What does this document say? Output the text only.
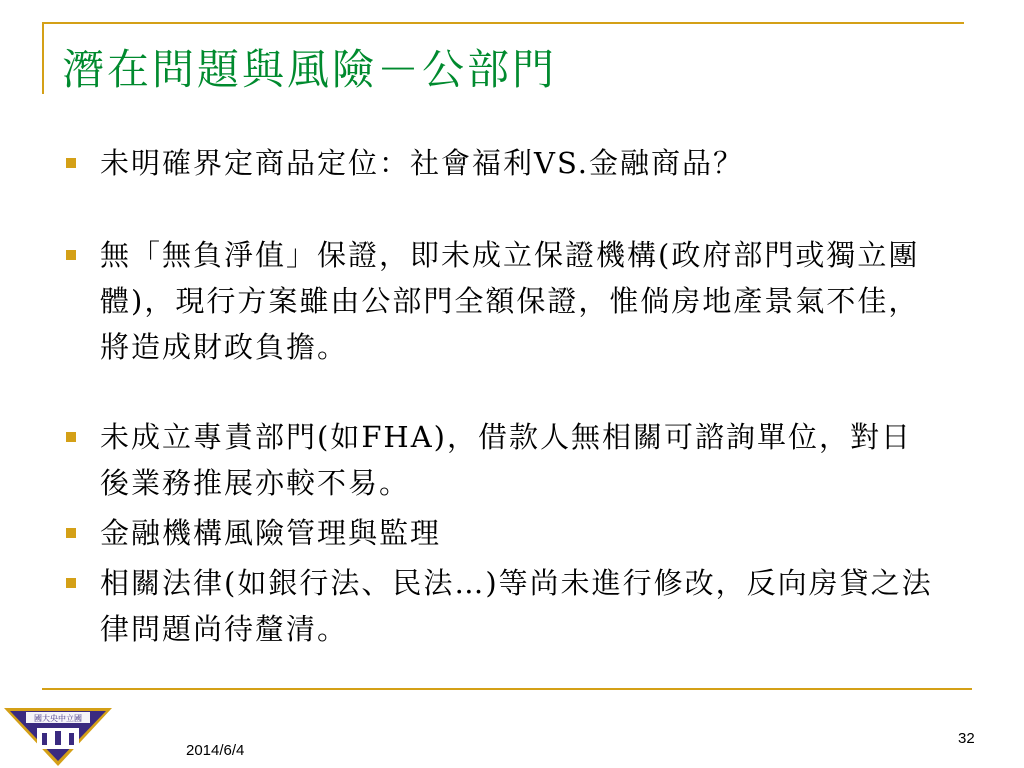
潛在問題與風險－公部門
未明確界定商品定位：社會福利VS.金融商品？
無「無負淨值」保證，即未成立保證機構(政府部門或獨立團體)，現行方案雖由公部門全額保證，惟倘房地產景氣不佳，將造成財政負擔。
未成立專責部門(如FHA)，借款人無相關可諮詢單位，對日後業務推展亦較不易。
金融機構風險管理與監理
相關法律(如銀行法、民法…)等尚未進行修改，反向房貸之法律問題尚待釐清。
國大央中立國
2014/6/4
32
